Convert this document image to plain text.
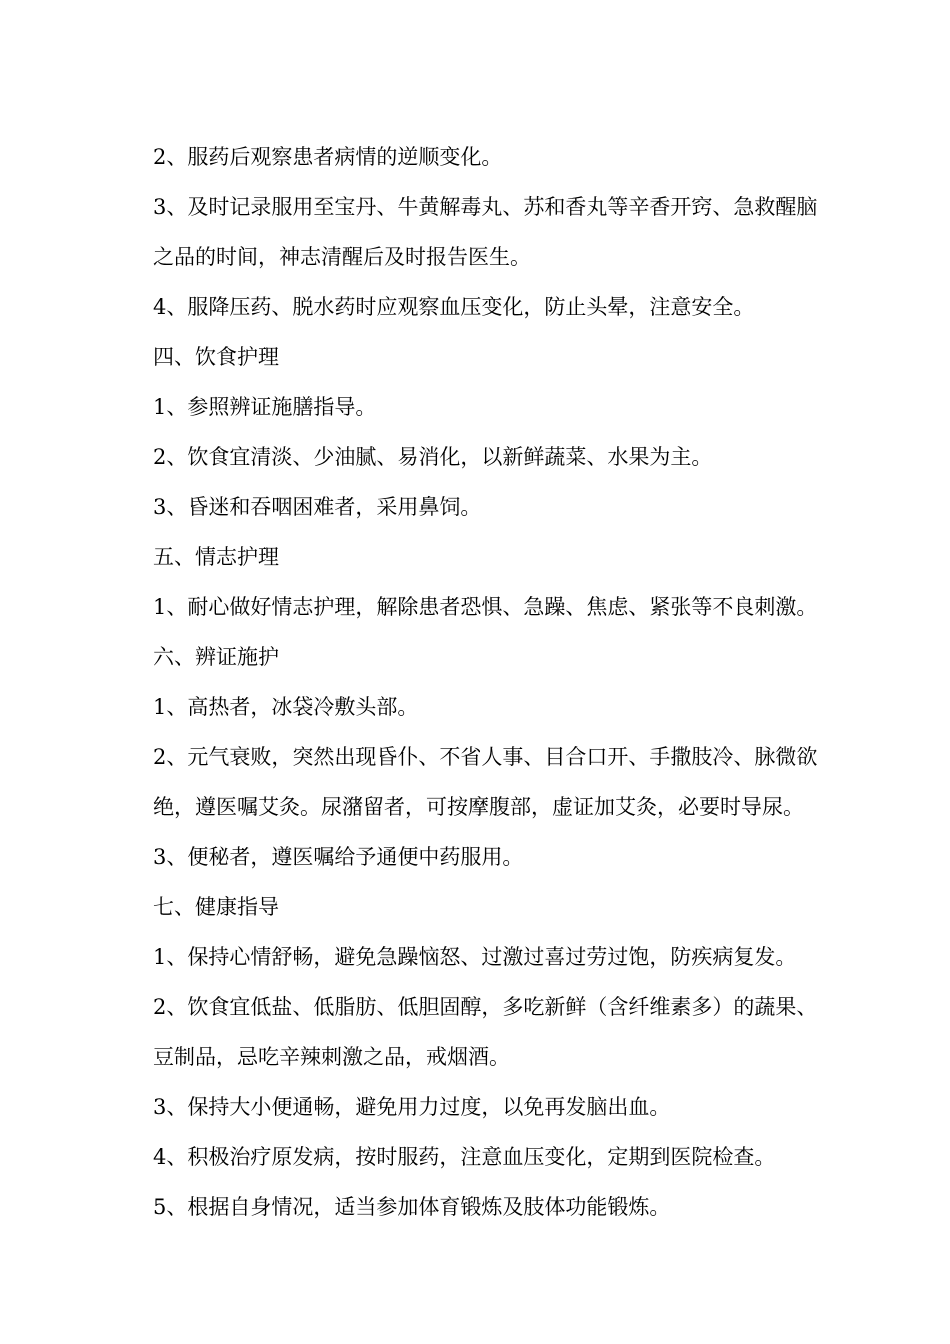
2、服药后观察患者病情的逆顺变化。

3、及时记录服用至宝丹、牛黄解毒丸、苏和香丸等辛香开窍、急救醒脑

之品的时间，神志清醒后及时报告医生。

4、服降压药、脱水药时应观察血压变化，防止头晕，注意安全。

四、饮食护理

1、参照辨证施膳指导。

2、饮食宜清淡、少油腻、易消化，以新鲜蔬菜、水果为主。

3、昏迷和吞咽困难者，采用鼻饲。

五、情志护理

1、耐心做好情志护理，解除患者恐惧、急躁、焦虑、紧张等不良刺激。

六、辨证施护

1、高热者，冰袋冷敷头部。

2、元气衰败，突然出现昏仆、不省人事、目合口开、手撒肢冷、脉微欲

绝，遵医嘱艾灸。尿潴留者，可按摩腹部，虚证加艾灸，必要时导尿。

3、便秘者，遵医嘱给予通便中药服用。

七、健康指导

1、保持心情舒畅，避免急躁恼怒、过激过喜过劳过饱，防疾病复发。

2、饮食宜低盐、低脂肪、低胆固醇，多吃新鲜（含纤维素多）的蔬果、

豆制品，忌吃辛辣刺激之品，戒烟酒。

3、保持大小便通畅，避免用力过度，以免再发脑出血。

4、积极治疗原发病，按时服药，注意血压变化，定期到医院检查。

5、根据自身情况，适当参加体育锻炼及肢体功能锻炼。
